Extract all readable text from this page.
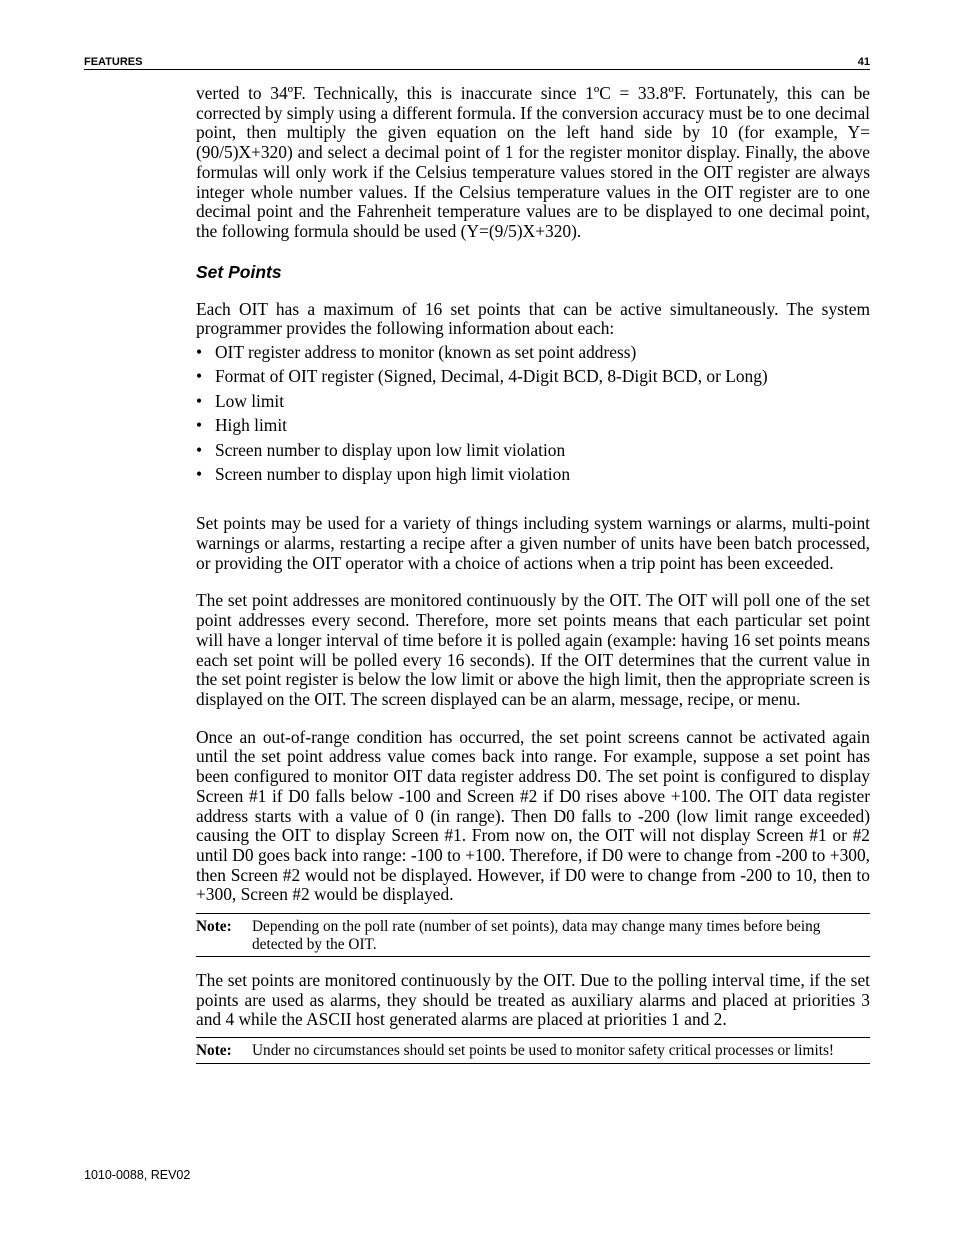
FEATURES	41

verted to 34ºF. Technically, this is inaccurate since 1ºC = 33.8ºF. Fortunately, this can be corrected by simply using a different formula. If the conversion accuracy must be to one decimal point, then multiply the given equation on the left hand side by 10 (for example, Y=(90/5)X+320) and select a decimal point of 1 for the register monitor display. Finally, the above formulas will only work if the Celsius temperature values stored in the OIT register are always integer whole number values. If the Celsius temperature values in the OIT register are to one decimal point and the Fahrenheit temperature values are to be displayed to one decimal point, the following formula should be used (Y=(9/5)X+320).

Set Points

Each OIT has a maximum of 16 set points that can be active simultaneously. The system programmer provides the following information about each:

• OIT register address to monitor (known as set point address)
• Format of OIT register (Signed, Decimal, 4-Digit BCD, 8-Digit BCD, or Long)
• Low limit
• High limit
• Screen number to display upon low limit violation
• Screen number to display upon high limit violation

Set points may be used for a variety of things including system warnings or alarms, multi-point warnings or alarms, restarting a recipe after a given number of units have been batch processed, or providing the OIT operator with a choice of actions when a trip point has been exceeded.

The set point addresses are monitored continuously by the OIT. The OIT will poll one of the set point addresses every second. Therefore, more set points means that each particular set point will have a longer interval of time before it is polled again (example: having 16 set points means each set point will be polled every 16 seconds). If the OIT determines that the current value in the set point register is below the low limit or above the high limit, then the appropriate screen is displayed on the OIT. The screen displayed can be an alarm, message, recipe, or menu.

Once an out-of-range condition has occurred, the set point screens cannot be activated again until the set point address value comes back into range. For example, suppose a set point has been configured to monitor OIT data register address D0. The set point is configured to display Screen #1 if D0 falls below -100 and Screen #2 if D0 rises above +100. The OIT data register address starts with a value of 0 (in range). Then D0 falls to -200 (low limit range exceeded) causing the OIT to display Screen #1. From now on, the OIT will not display Screen #1 or #2 until D0 goes back into range: -100 to +100. Therefore, if D0 were to change from -200 to +300, then Screen #2 would not be displayed. However, if D0 were to change from -200 to 10, then to +300, Screen #2 would be displayed.

Note:	Depending on the poll rate (number of set points), data may change many times before being detected by the OIT.

The set points are monitored continuously by the OIT. Due to the polling interval time, if the set points are used as alarms, they should be treated as auxiliary alarms and placed at priorities 3 and 4 while the ASCII host generated alarms are placed at priorities 1 and 2.

Note:	Under no circumstances should set points be used to monitor safety critical processes or limits!
1010-0088, REV02
